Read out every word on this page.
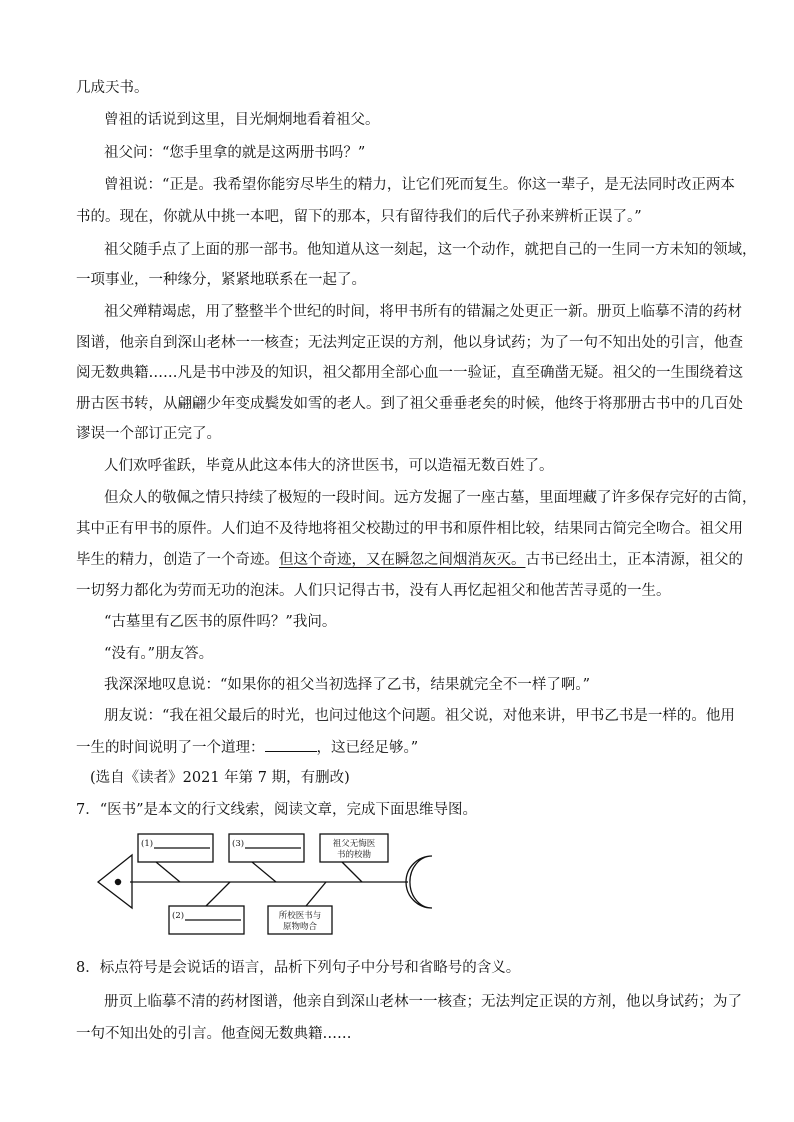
几成天书。
曾祖的话说到这里，目光炯炯地看着祖父。
祖父问：“您手里拿的就是这两册书吗？”
曾祖说：“正是。我希望你能穷尽毕生的精力，让它们死而复生。你这一辈子，是无法同时改正两本
书的。现在，你就从中挑一本吧，留下的那本，只有留待我们的后代子孙来辨析正误了。”
祖父随手点了上面的那一部书。他知道从这一刻起，这一个动作，就把自己的一生同一方未知的领域，
一项事业，一种缘分，紧紧地联系在一起了。
祖父殚精竭虑，用了整整半个世纪的时间，将甲书所有的错漏之处更正一新。册页上临摹不清的药材
图谱，他亲自到深山老林一一核查；无法判定正误的方剂，他以身试药；为了一句不知出处的引言，他查
阅无数典籍……凡是书中涉及的知识，祖父都用全部心血一一验证，直至确凿无疑。祖父的一生围绕着这
册古医书转，从翩翩少年变成鬓发如雪的老人。到了祖父垂垂老矣的时候，他终于将那册古书中的几百处
谬误一个部订正完了。
人们欢呼雀跃，毕竟从此这本伟大的济世医书，可以造福无数百姓了。
但众人的敬佩之情只持续了极短的一段时间。远方发掘了一座古墓，里面埋藏了许多保存完好的古简，
其中正有甲书的原件。人们迫不及待地将祖父校勘过的甲书和原件相比较，结果同古简完全吻合。祖父用
毕生的精力，创造了一个奇迹。但这个奇迹，又在瞬忽之间烟消灰灭。古书已经出土，正本清源，祖父的
一切努力都化为劳而无功的泡沫。人们只记得古书，没有人再忆起祖父和他苦苦寻觅的一生。
“古墓里有乙医书的原件吗？”我问。
“没有。”朋友答。
我深深地叹息说：“如果你的祖父当初选择了乙书，结果就完全不一样了啊。”
朋友说：“我在祖父最后的时光，也问过他这个问题。祖父说，对他来讲，甲书乙书是一样的。他用
一生的时间说明了一个道理：	，这已经足够。”
(选自《读者》2021 年第 7 期，有删改)
7．“医书”是本文的行文线索，阅读文章，完成下面思维导图。
(1)	(3)
(2)
祖父无悔医
书的校勘
所校医书与
原物吻合
8．标点符号是会说话的语言，品析下列句子中分号和省略号的含义。
册页上临摹不清的药材图谱，他亲自到深山老林一一核查；无法判定正误的方剂，他以身试药；为了
一句不知出处的引言。他查阅无数典籍……
